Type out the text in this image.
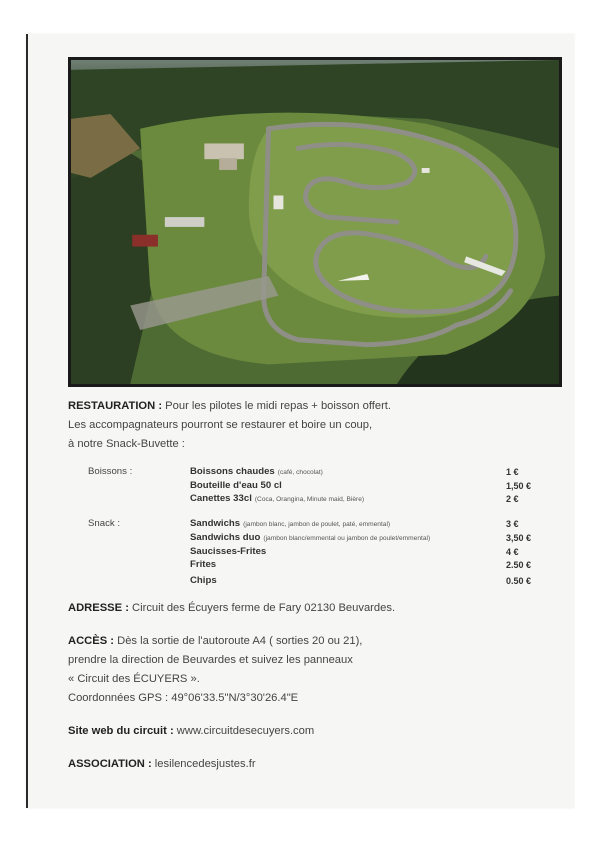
RESTAURATION : Pour les pilotes le midi repas + boisson offert.
Les accompagnateurs pourront se restaurer et boire un coup,
à notre Snack-Buvette :

Boissons :	Boissons chaudes (café, chocolat)	1 €
Bouteille d'eau 50 cl	1,50 €
Canettes 33cl (Coca, Orangina, Minute maid, Bière)	2 €
Snack :	Sandwichs (jambon blanc, jambon de poulet, paté, emmental)	3 €
Sandwichs duo (jambon blanc/emmental ou jambon de poulet/emmental)	3,50 €
Saucisses-Frites	4 €
Frites	2.50 €
Chips	0.50 €

ADRESSE : Circuit des Écuyers ferme de Fary 02130 Beuvardes.

ACCÈS : Dès la sortie de l'autoroute A4 ( sorties 20 ou 21),
prendre la direction de Beuvardes et suivez les panneaux
« Circuit des ÉCUYERS ».
Coordonnées GPS : 49°06'33.5"N/3°30'26.4"E

Site web du circuit : www.circuitdesecuyers.com

ASSOCIATION : lesilencedesjustes.fr
